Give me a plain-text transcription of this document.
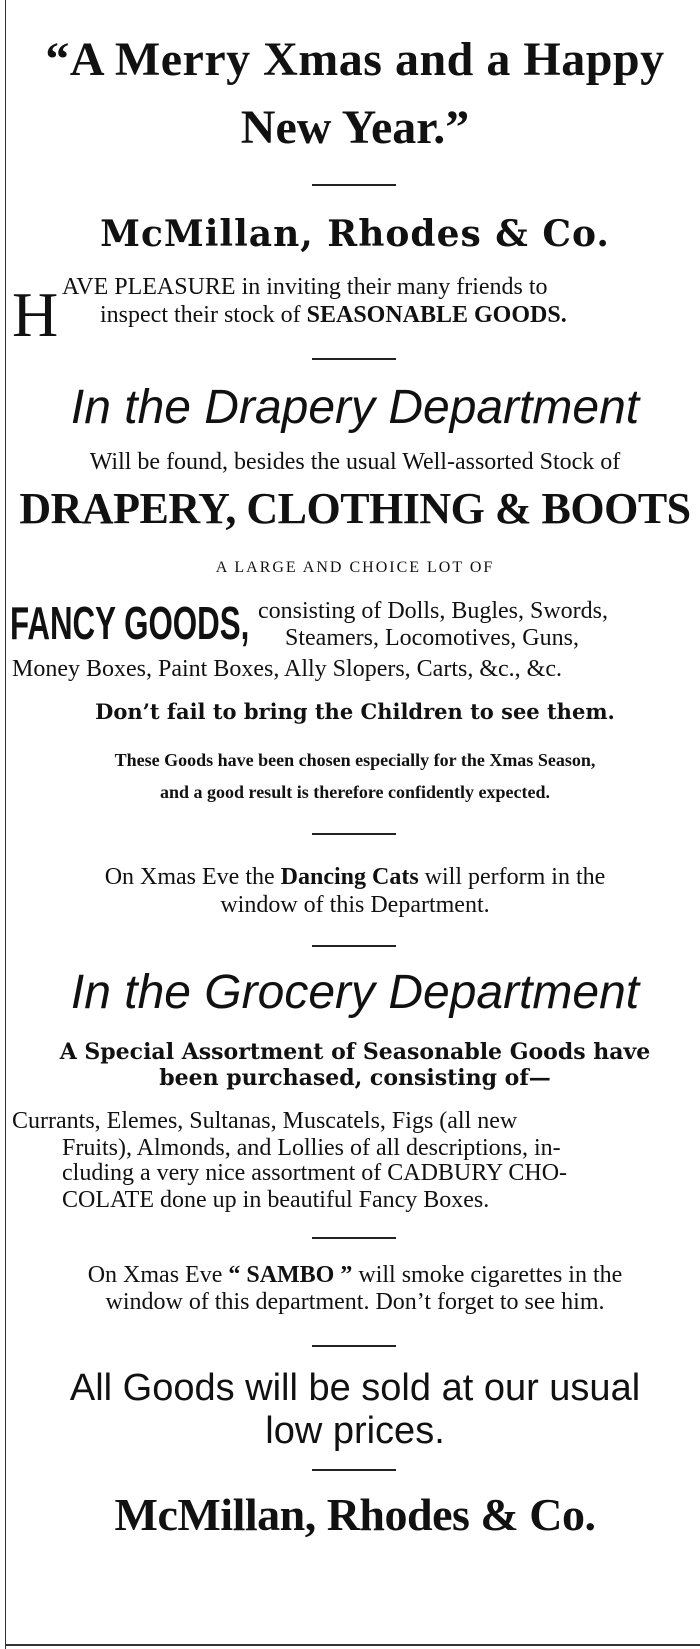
“A Merry Xmas and a Happy
New Year.”
McMillan, Rhodes & Co.
H AVE PLEASURE in inviting their many friends to
inspect their stock of SEASONABLE GOODS.
In the Drapery Department
Will be found, besides the usual Well-assorted Stock of
DRAPERY, CLOTHING & BOOTS
A LARGE AND CHOICE LOT OF
FANCY GOODS, consisting of Dolls, Bugles, Swords,
Steamers, Locomotives, Guns,
Money Boxes, Paint Boxes, Ally Slopers, Carts, &c., &c.
Don’t fail to bring the Children to see them.
These Goods have been chosen especially for the Xmas Season,
and a good result is therefore confidently expected.
On Xmas Eve the Dancing Cats will perform in the
window of this Department.
In the Grocery Department
A Special Assortment of Seasonable Goods have
been purchased, consisting of—
Currants, Elemes, Sultanas, Muscatels, Figs (all new
Fruits), Almonds, and Lollies of all descriptions, in-
cluding a very nice assortment of CADBURY CHO-
COLATE done up in beautiful Fancy Boxes.
On Xmas Eve “ SAMBO ” will smoke cigarettes in the
window of this department. Don’t forget to see him.
All Goods will be sold at our usual
low prices.
McMillan, Rhodes & Co.
